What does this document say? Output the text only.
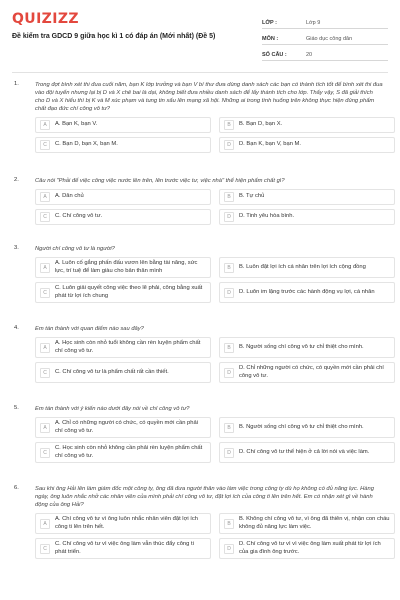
QUIZIZZ
Đề kiểm tra GDCD 9 giữa học kì 1 có đáp án (Mới nhất) (Đề 5)
LỚP :	Lớp 9
MÔN :	Giáo dục công dân
SỐ CÂU :	20
1.	Trong đợt bình xét thi đua cuối năm, bạn K lớp trưởng và bạn V bí thư đưa dùng danh sách các bạn có thành tích tốt để bình xét thi đua vào đội tuyển nhưng lại bị D và X chê bai là dại, không biết đưa nhiều danh sách để lấy thành tích cho lớp. Thấy vậy, S đã giải thích cho D và X hiểu thì bị K và M xúc phạm và tung tin xấu lên mạng xã hội. Những ai trong tình huống trên không thực hiện đúng phẩm chất đạo đức chí công vô tư?
A	A. Bạn K, bạn V.	B	B. Bạn D, bạn X.
C	C. Bạn D, bạn X, bạn M.	D	D. Bạn K, bạn V, bạn M.
2.	Câu nói "Phải để việc công việc nước lên trên, lên trước việc tư, việc nhà" thể hiện phẩm chất gì?
A	A. Dân chủ	B	B. Tự chủ
C	C. Chí công vô tư.	D	D. Tinh yêu hòa bình.
3.	Người chí công vô tư là người?
A
A. Luôn cố gắng phấn đấu vươn lên bằng tài năng, sức lực, trí tuệ để làm giàu cho bản thân mình	B	B. Luôn đặt lợi ích cá nhân trên lợi ích cộng đồng
C
C. Luôn giải quyết công việc theo lẽ phải, công bằng xuất phát từ lợi ích chung	D	D. Luôn im lặng trước các hành động vụ lợi, cá nhân
4.	Em tán thành với quan điểm nào sau đây?
A
A. Học sinh còn nhỏ tuổi không cần rèn luyện phẩm chất chí công vô tư.	B	B. Người sống chí công vô tư chỉ thiệt cho mình.
C	C. Chí công vô tư là phẩm chất rất cần thiết.	D
D. Chỉ những người có chức, có quyền mới cần phải chí công vô tư.
5.	Em tán thành với ý kiến nào dưới đây nói về chí công vô tư?
A
A. Chỉ có những người có chức, có quyền mới cần phải chí công vô tư.	B	B. Người sống chí công vô tư chỉ thiệt cho mình.
C
C. Học sinh còn nhỏ không cần phải rèn luyện phẩm chất chí công vô tư.	D	D. Chí công vô tư thể hiện ở cả lời nói và việc làm.
6.	Sau khi ông Hải lên làm giám đốc một công ty, ông đã đưa người thân vào làm việc trong công ty dù họ không có đủ năng lực. Hàng ngày, ông luôn nhắc nhở các nhân viên của mình phải chí công vô tư, đặt lợi ích của công ti lên trên hết. Em có nhận xét gì về hành động của ông Hải?
A
A. Chí công vô tư vì ông luôn nhắc nhân viên đặt lợi ích công ti lên trên hết.	B
B. Không chí công vô tư, vì ông đã thiên vị, nhận con cháu không đủ năng lực làm việc.
C
C. Chí công vô tư vì việc ông làm vẫn thúc đẩy công ti phát triển.	D
D. Chí công vô tư vì vì việc ông làm xuất phát từ lợi ích của gia đình ông trước.
